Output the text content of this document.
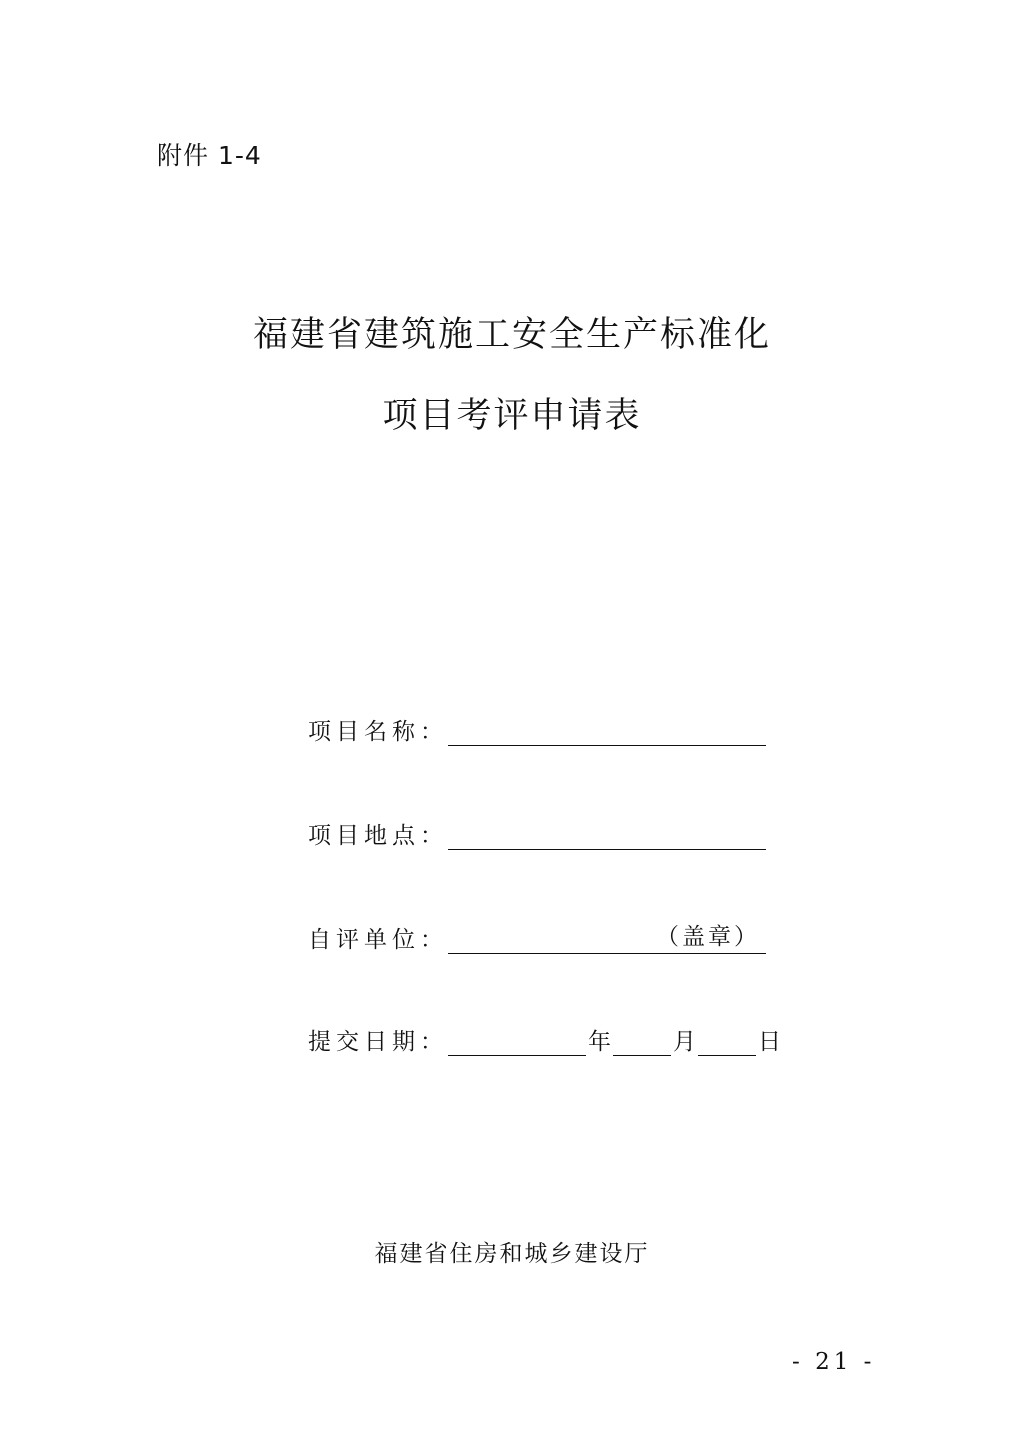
附件 1-4
福建省建筑施工安全生产标准化
项目考评申请表
项目名称：
项目地点：
自评单位：	（盖章）
提交日期：	年	月	日
福建省住房和城乡建设厅
- 21 -
